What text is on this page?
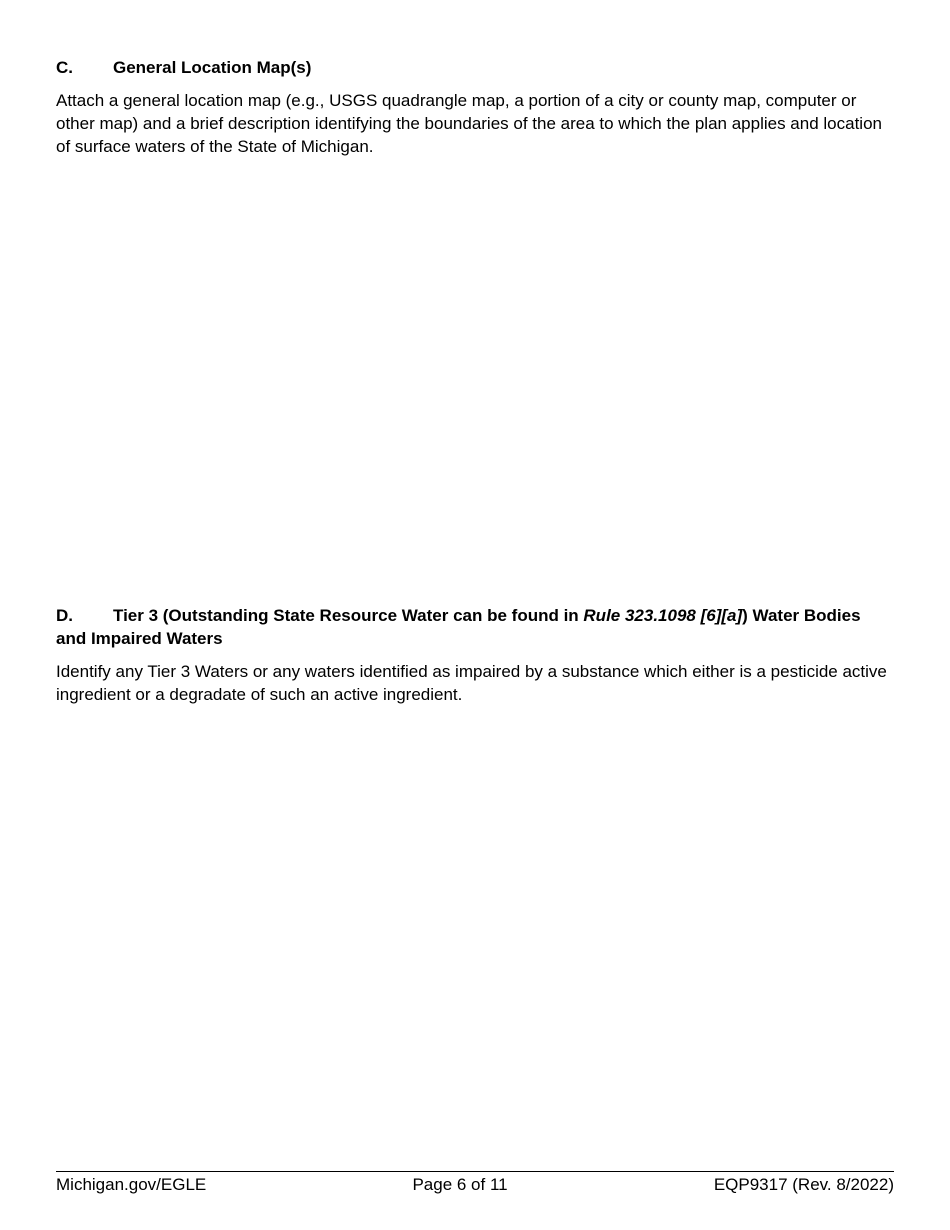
C.	General Location Map(s)

Attach a general location map (e.g., USGS quadrangle map, a portion of a city or county map, computer or other map) and a brief description identifying the boundaries of the area to which the plan applies and location of surface waters of the State of Michigan.

D. Tier 3 (Outstanding State Resource Water can be found in Rule 323.1098 [6][a]) Water Bodies and Impaired Waters

Identify any Tier 3 Waters or any waters identified as impaired by a substance which either is a pesticide active ingredient or a degradate of such an active ingredient.

Michigan.gov/EGLE	Page 6 of 11	EQP9317 (Rev. 8/2022)
